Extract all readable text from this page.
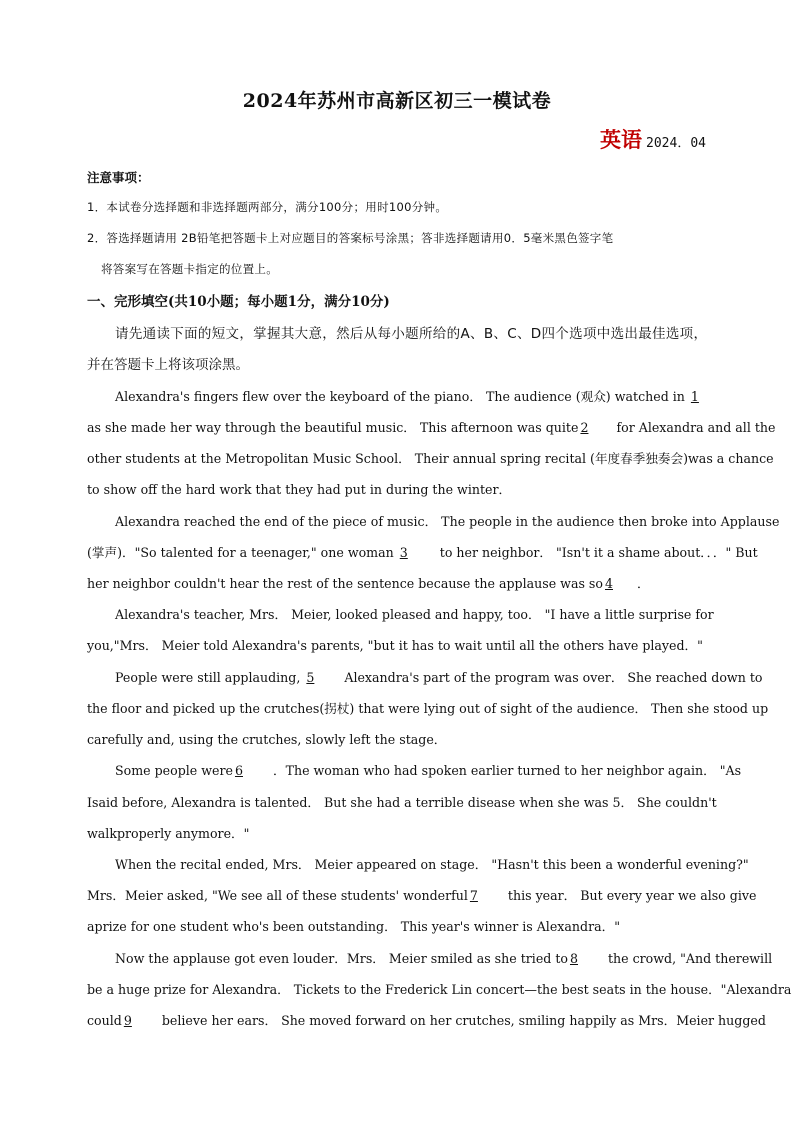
2024年苏州市高新区初三一模试卷
英语 2024．04
注意事项：
1．本试卷分选择题和非选择题两部分，满分100分；用时100分钟。
2．答选择题请用 2B铅笔把答题卡上对应题目的答案标号涂黑；答非选择题请用0．5毫米黑色签字笔
将答案写在答题卡指定的位置上。
一、完形填空(共10小题；每小题1分，满分10分)
请先通读下面的短文，掌握其大意，然后从每小题所给的A、B、C、D四个选项中选出最佳选项，
并在答题卡上将该项涂黑。
Alexandra's fingers flew over the keyboard of the piano． The audience (观众) watched in 1
as she made her way through the beautiful music． This afternoon was quite 2 for Alexandra and all the
other students at the Metropolitan Music School． Their annual spring recital (年度春季独奏会)was a chance
to show off the hard work that they had put in during the winter．
Alexandra reached the end of the piece of music． The people in the audience then broke into Applause
(掌声)．"So talented for a teenager," one woman 3 to her neighbor． "Isn't it a shame about．．．" But
her neighbor couldn't hear the rest of the sentence because the applause was so 4 ．
Alexandra's teacher, Mrs． Meier, looked pleased and happy, too． "I have a little surprise for
you,"Mrs． Meier told Alexandra's parents, "but it has to wait until all the others have played．"
People were still applauding, 5 Alexandra's part of the program was over． She reached down to
the floor and picked up the crutches(拐杖) that were lying out of sight of the audience． Then she stood up
carefully and, using the crutches, slowly left the stage．
Some people were 6 ．The woman who had spoken earlier turned to her neighbor again． "As
Isaid before, Alexandra is talented． But she had a terrible disease when she was 5． She couldn't
walkproperly anymore．"
When the recital ended, Mrs． Meier appeared on stage． "Hasn't this been a wonderful evening?"
Mrs．Meier asked, "We see all of these students' wonderful 7 this year． But every year we also give
aprize for one student who's been outstanding． This year's winner is Alexandra．"
Now the applause got even louder．Mrs． Meier smiled as she tried to 8 the crowd, "And therewill
be a huge prize for Alexandra． Tickets to the Frederick Lin concert—the best seats in the house．"Alexandra
could 9 believe her ears． She moved forward on her crutches, smiling happily as Mrs．Meier hugged
